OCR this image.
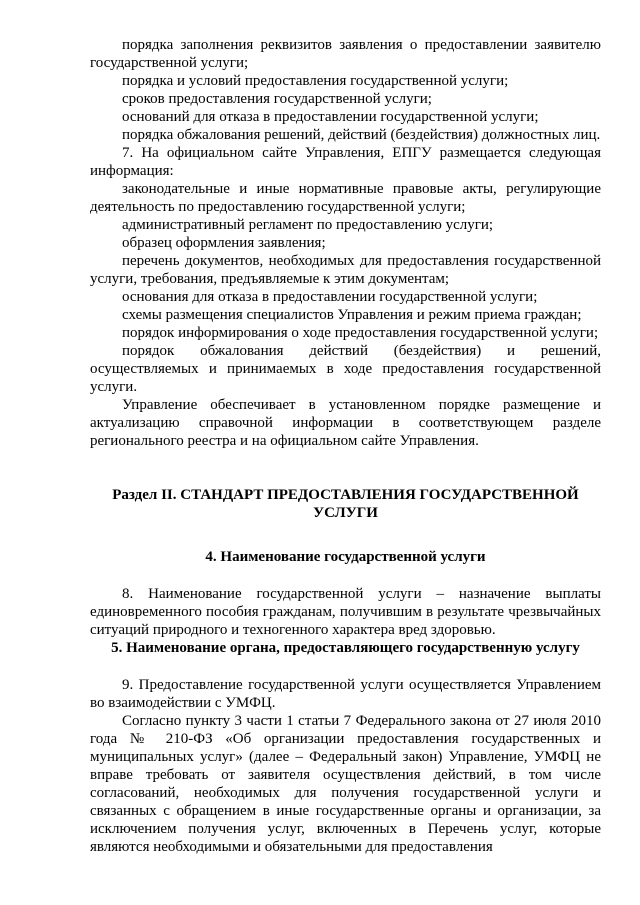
порядка заполнения реквизитов заявления о предоставлении заявителю государственной услуги;

порядка и условий предоставления государственной услуги;

сроков предоставления государственной услуги;

оснований для отказа в предоставлении государственной услуги;

порядка обжалования решений, действий (бездействия) должностных лиц.

7. На официальном сайте Управления, ЕПГУ размещается следующая информация:

законодательные и иные нормативные правовые акты, регулирующие деятельность по предоставлению государственной услуги;

административный регламент по предоставлению услуги;

образец оформления заявления;

перечень документов, необходимых для предоставления государственной услуги, требования, предъявляемые к этим документам;

основания для отказа в предоставлении государственной услуги;

схемы размещения специалистов Управления и режим приема граждан;

порядок информирования о ходе предоставления государственной услуги;

порядок обжалования действий (бездействия) и решений, осуществляемых и принимаемых в ходе предоставления государственной услуги.

Управление обеспечивает в установленном порядке размещение и актуализацию справочной информации в соответствующем разделе регионального реестра и на официальном сайте Управления.

Раздел II. СТАНДАРТ ПРЕДОСТАВЛЕНИЯ ГОСУДАРСТВЕННОЙ УСЛУГИ
4. Наименование государственной услуги

8. Наименование государственной услуги – назначение выплаты единовременного пособия гражданам, получившим в результате чрезвычайных ситуаций природного и техногенного характера вред здоровью.

5. Наименование органа, предоставляющего государственную услугу

9. Предоставление государственной услуги осуществляется Управлением во взаимодействии с УМФЦ.

Согласно пункту 3 части 1 статьи 7 Федерального закона от 27 июля 2010 года № 210-ФЗ «Об организации предоставления государственных и муниципальных услуг» (далее – Федеральный закон) Управление, УМФЦ не вправе требовать от заявителя осуществления действий, в том числе согласований, необходимых для получения государственной услуги и связанных с обращением в иные государственные органы и организации, за исключением получения услуг, включенных в Перечень услуг, которые являются необходимыми и обязательными для предоставления
